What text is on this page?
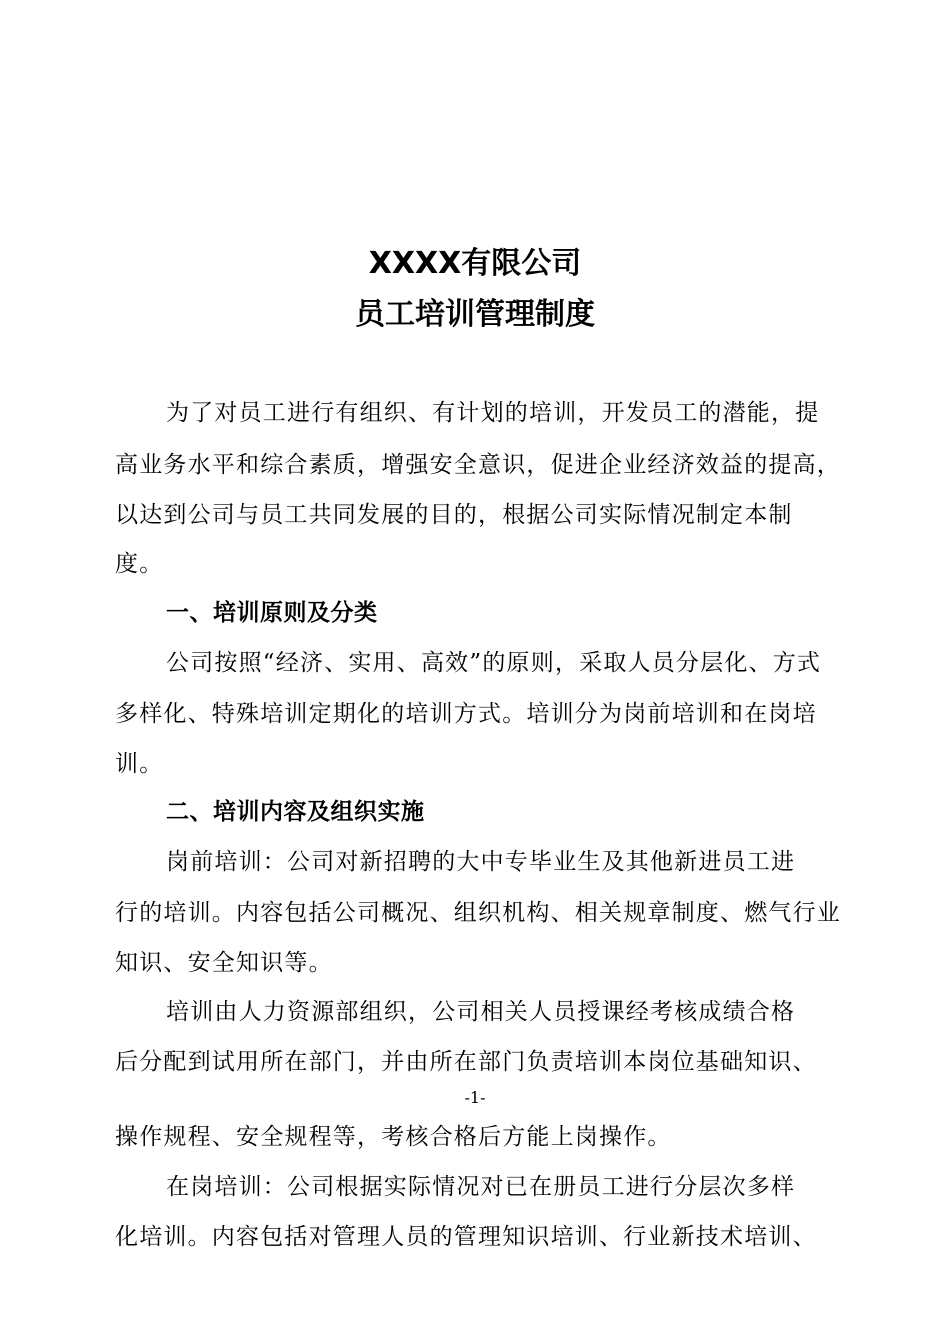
XXXX有限公司
员工培训管理制度

为了对员工进行有组织、有计划的培训，开发员工的潜能，提

高业务水平和综合素质，增强安全意识，促进企业经济效益的提高，

以达到公司与员工共同发展的目的，根据公司实际情况制定本制

度。

一、培训原则及分类

公司按照“经济、实用、高效”的原则，采取人员分层化、方式

多样化、特殊培训定期化的培训方式。培训分为岗前培训和在岗培

训。

二、培训内容及组织实施

岗前培训：公司对新招聘的大中专毕业生及其他新进员工进

行的培训。内容包括公司概况、组织机构、相关规章制度、燃气行业

知识、安全知识等。

培训由人力资源部组织，公司相关人员授课经考核成绩合格

后分配到试用所在部门，并由所在部门负责培训本岗位基础知识、

-1-

操作规程、安全规程等，考核合格后方能上岗操作。

在岗培训：公司根据实际情况对已在册员工进行分层次多样

化培训。内容包括对管理人员的管理知识培训、行业新技术培训、
